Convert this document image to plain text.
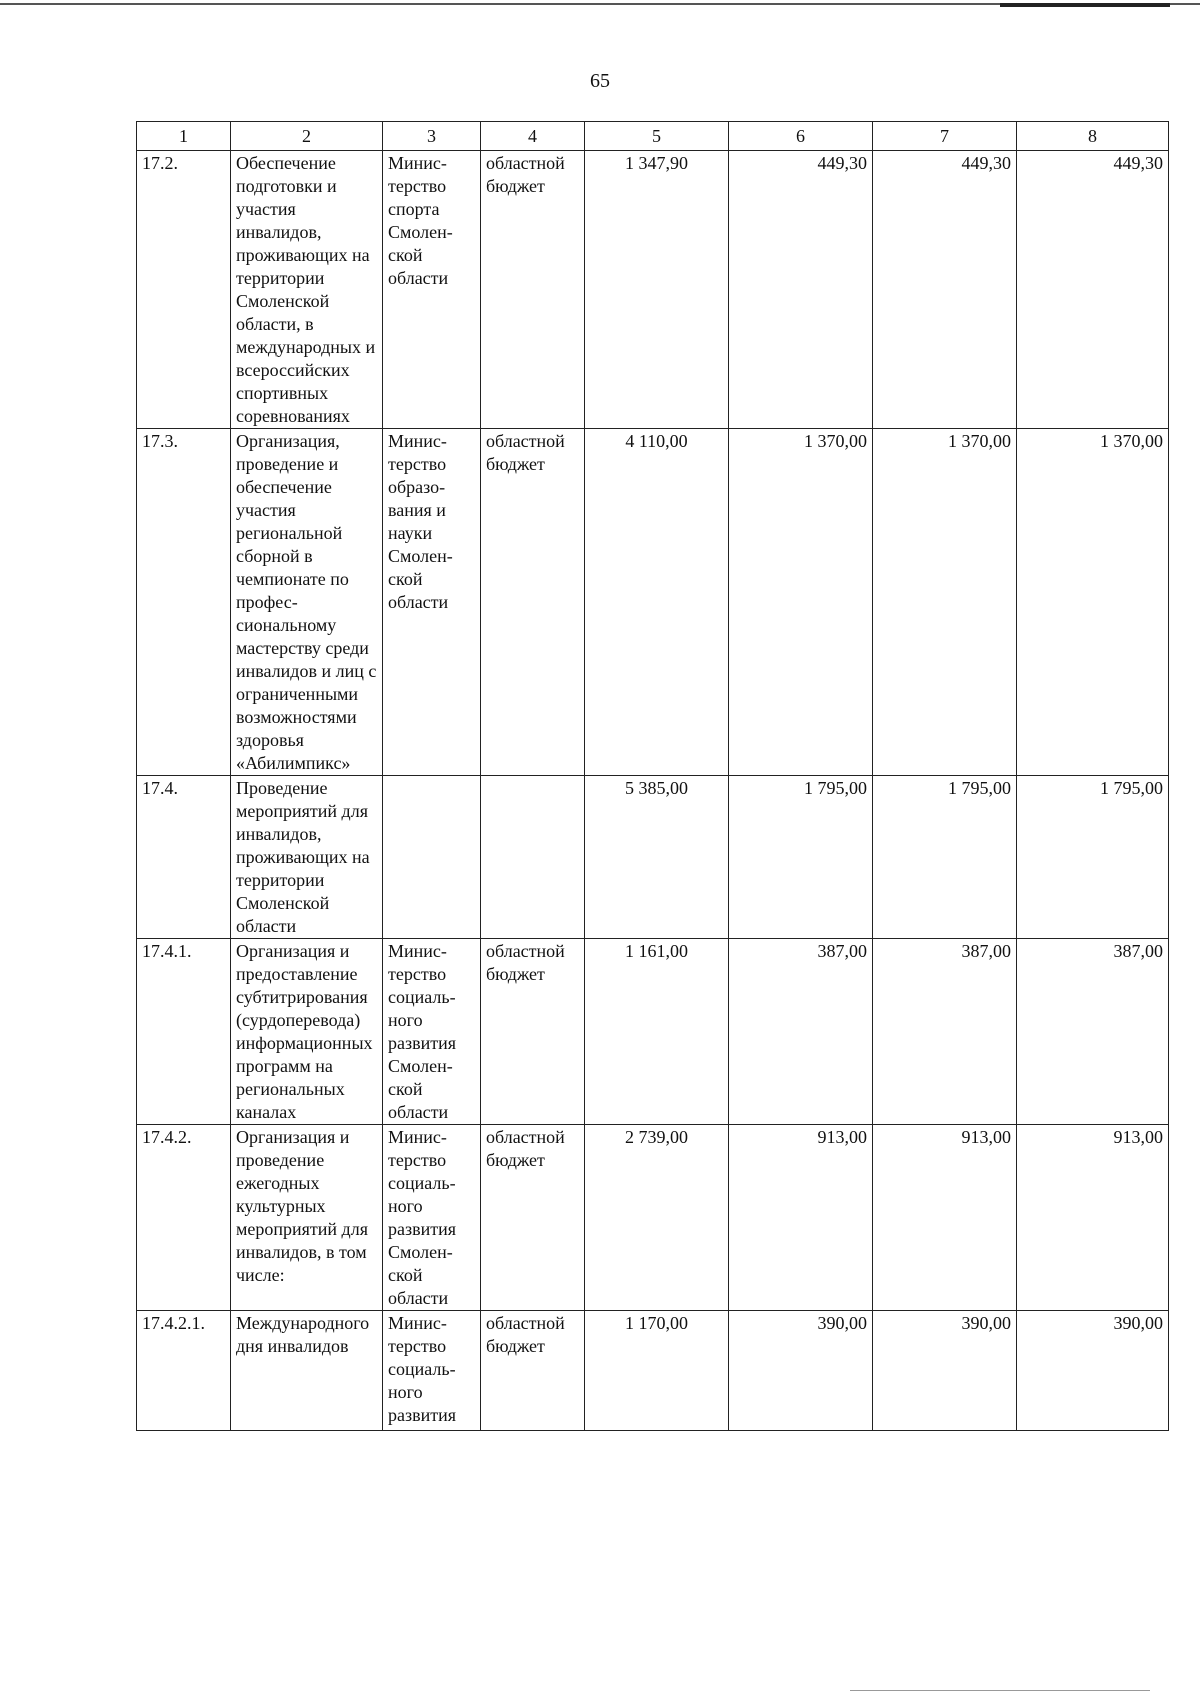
65
1	2	3	4	5	6	7	8
17.2.	Обеспечение подготовки и участия инвалидов, проживающих на территории Смоленской области, в международных и всероссийских спортивных соревнованиях	Министерство спорта Смоленской области	областной бюджет	1 347,90	449,30	449,30	449,30
17.3.	Организация, проведение и обеспечение участия региональной сборной в чемпионате по профессиональному мастерству среди инвалидов и лиц с ограниченными возможностями здоровья «Абилимпикс»	Министерство образования и науки Смоленской области	областной бюджет	4 110,00	1 370,00	1 370,00	1 370,00
17.4.	Проведение мероприятий для инвалидов, проживающих на территории Смоленской области			5 385,00	1 795,00	1 795,00	1 795,00
17.4.1.	Организация и предоставление субтитрирования (сурдоперевода) информационных программ на региональных каналах	Министерство социального развития Смоленской области	областной бюджет	1 161,00	387,00	387,00	387,00
17.4.2.	Организация и проведение ежегодных культурных мероприятий для инвалидов, в том числе:	Министерство социального развития Смоленской области	областной бюджет	2 739,00	913,00	913,00	913,00
17.4.2.1.	Международного дня инвалидов	Министерство социального развития	областной бюджет	1 170,00	390,00	390,00	390,00
